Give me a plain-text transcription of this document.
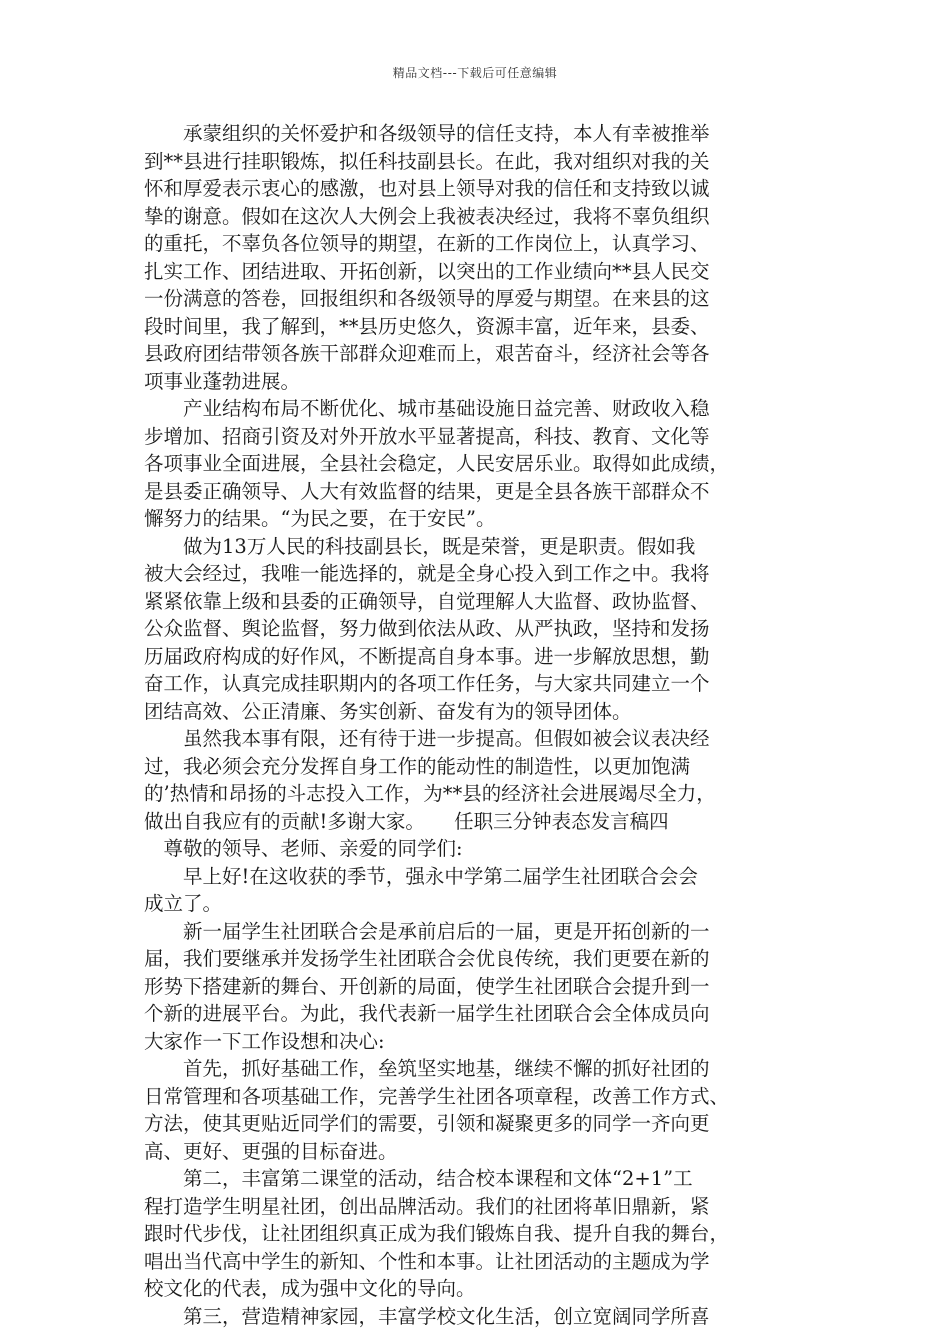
精品文档---下载后可任意编辑
　　承蒙组织的关怀爱护和各级领导的信任支持，本人有幸被推举
到**县进行挂职锻炼，拟任科技副县长。在此，我对组织对我的关
怀和厚爱表示衷心的感激，也对县上领导对我的信任和支持致以诚
挚的谢意。假如在这次人大例会上我被表决经过，我将不辜负组织
的重托，不辜负各位领导的期望，在新的工作岗位上，认真学习、
扎实工作、团结进取、开拓创新，以突出的工作业绩向**县人民交
一份满意的答卷，回报组织和各级领导的厚爱与期望。在来县的这
段时间里，我了解到，**县历史悠久，资源丰富，近年来，县委、
县政府团结带领各族干部群众迎难而上，艰苦奋斗，经济社会等各
项事业蓬勃进展。
　　产业结构布局不断优化、城市基础设施日益完善、财政收入稳
步增加、招商引资及对外开放水平显著提高，科技、教育、文化等
各项事业全面进展，全县社会稳定，人民安居乐业。取得如此成绩，
是县委正确领导、人大有效监督的结果，更是全县各族干部群众不
懈努力的结果。“为民之要，在于安民”。
　　做为13万人民的科技副县长，既是荣誉，更是职责。假如我
被大会经过，我唯一能选择的，就是全身心投入到工作之中。我将
紧紧依靠上级和县委的正确领导，自觉理解人大监督、政协监督、
公众监督、舆论监督，努力做到依法从政、从严执政，坚持和发扬
历届政府构成的好作风，不断提高自身本事。进一步解放思想，勤
奋工作，认真完成挂职期内的各项工作任务，与大家共同建立一个
团结高效、公正清廉、务实创新、奋发有为的领导团体。
　　虽然我本事有限，还有待于进一步提高。但假如被会议表决经
过，我必须会充分发挥自身工作的能动性的制造性，以更加饱满
的’热情和昂扬的斗志投入工作，为**县的经济社会进展竭尽全力，
做出自我应有的贡献!多谢大家。　　任职三分钟表态发言稿四
　尊敬的领导、老师、亲爱的同学们:
　　早上好!在这收获的季节，强永中学第二届学生社团联合会会
成立了。
　　新一届学生社团联合会是承前启后的一届，更是开拓创新的一
届，我们要继承并发扬学生社团联合会优良传统，我们更要在新的
形势下搭建新的舞台、开创新的局面，使学生社团联合会提升到一
个新的进展平台。为此，我代表新一届学生社团联合会全体成员向
大家作一下工作设想和决心:
　　首先，抓好基础工作，垒筑坚实地基，继续不懈的抓好社团的
日常管理和各项基础工作，完善学生社团各项章程，改善工作方式、
方法，使其更贴近同学们的需要，引领和凝聚更多的同学一齐向更
高、更好、更强的目标奋进。
　　第二，丰富第二课堂的活动，结合校本课程和文体“2+1”工
程打造学生明星社团，创出品牌活动。我们的社团将革旧鼎新，紧
跟时代步伐，让社团组织真正成为我们锻炼自我、提升自我的舞台，
唱出当代高中学生的新知、个性和本事。让社团活动的主题成为学
校文化的代表，成为强中文化的导向。
　　第三，营造精神家园，丰富学校文化生活，创立宽阔同学所喜
